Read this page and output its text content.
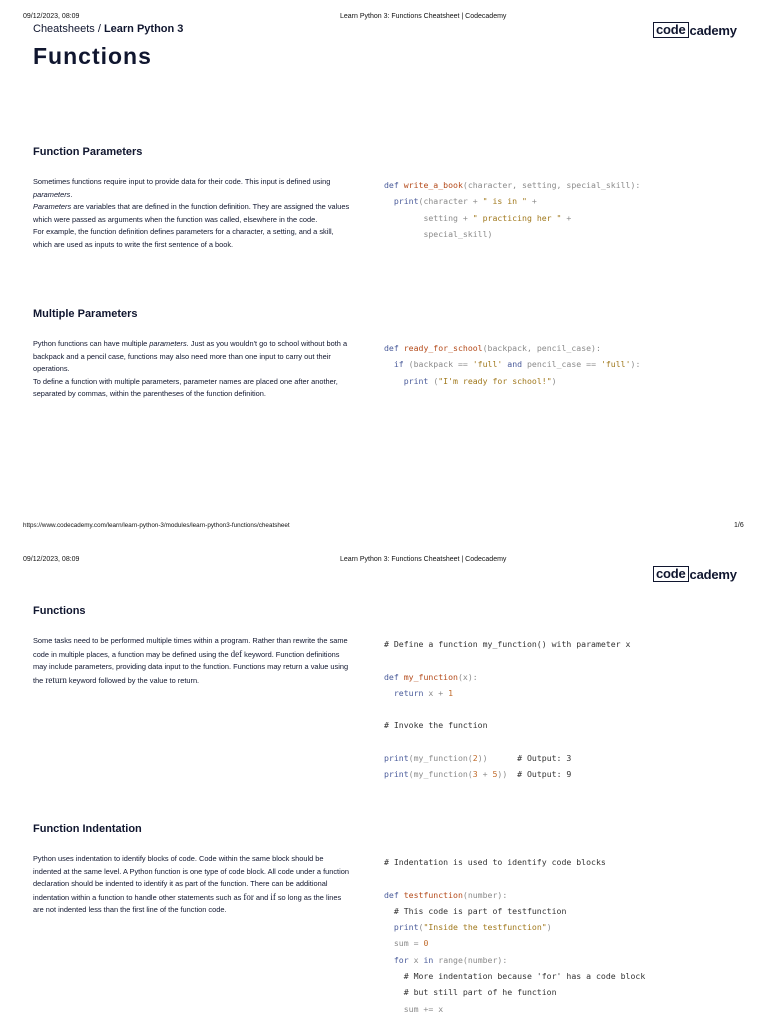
09/12/2023, 08:09	Learn Python 3: Functions Cheatsheet | Codecademy
Cheatsheets / Learn Python 3	code cademy
Functions
Function Parameters
Sometimes functions require input to provide data for their code. This input is defined using parameters.
Parameters are variables that are defined in the function definition. They are assigned the values which were passed as arguments when the function was called, elsewhere in the code.
For example, the function definition defines parameters for a character, a setting, and a skill, which are used as inputs to write the first sentence of a book.
def write_a_book(character, setting, special_skill):
print(character + " is in " +
setting + " practicing her " +
special_skill)
Multiple Parameters
Python functions can have multiple parameters. Just as you wouldn't go to school without both a backpack and a pencil case, functions may also need more than one input to carry out their operations.
To define a function with multiple parameters, parameter names are placed one after another, separated by commas, within the parentheses of the function definition.
def ready_for_school(backpack, pencil_case):
if (backpack == 'full' and pencil_case == 'full'):
print ("I'm ready for school!")
https://www.codecademy.com/learn/learn-python-3/modules/learn-python3-functions/cheatsheet	1/6
09/12/2023, 08:09	Learn Python 3: Functions Cheatsheet | Codecademy
code cademy
Functions
Some tasks need to be performed multiple times within a program. Rather than rewrite the same code in multiple places, a function may be defined using the def keyword. Function definitions may include parameters, providing data input to the function. Functions may return a value using the return keyword followed by the value to return.
# Define a function my_function() with parameter x

def my_function(x):
return x + 1

# Invoke the function

print(my_function(2))	# Output: 3
print(my_function(3 + 5)) # Output: 9
Function Indentation
Python uses indentation to identify blocks of code. Code within the same block should be indented at the same level. A Python function is one type of code block. All code under a function declaration should be indented to identify it as part of the function. There can be additional indentation within a function to handle other statements such as for and if so long as the lines are not indented less than the first line of the function code.
# Indentation is used to identify code blocks

def testfunction(number):
# This code is part of testfunction
print("Inside the testfunction")
sum = 0
for x in range(number):
# More indentation because 'for' has a code block
# but still part of he function
sum += x
